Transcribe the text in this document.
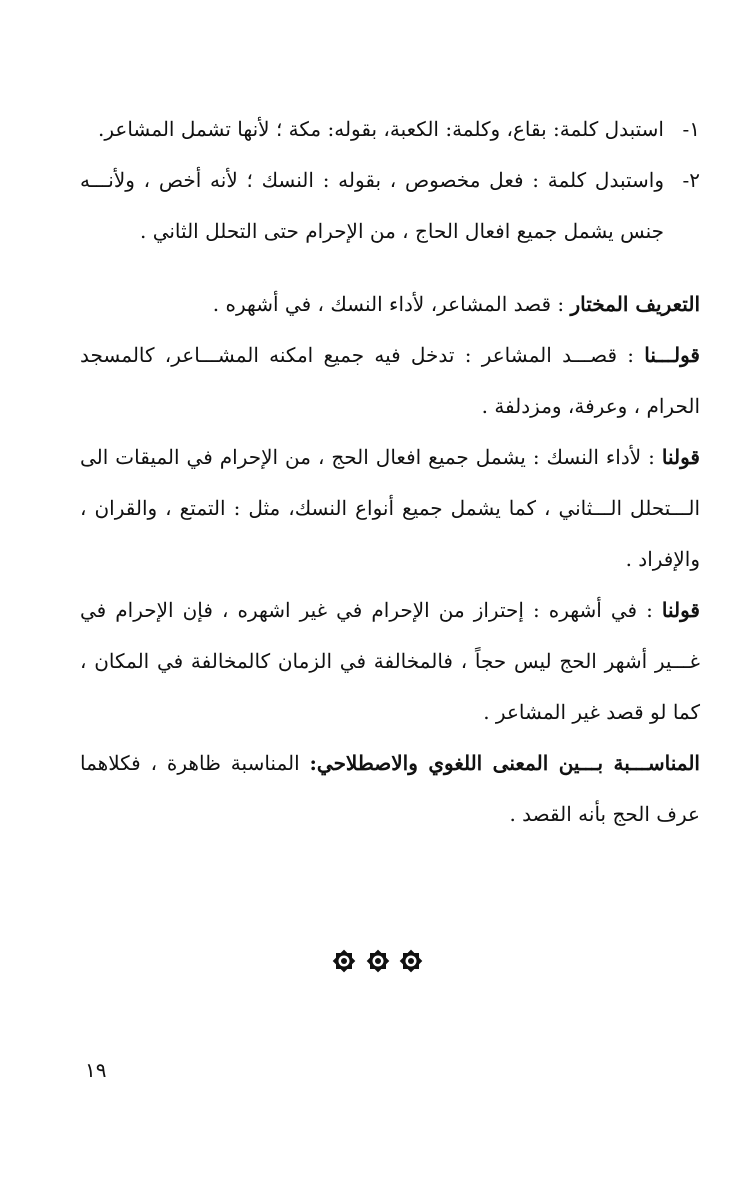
١-استبدل كلمة: بقاع، وكلمة: الكعبة، بقوله: مكة ؛ لأنها تشمل المشاعر.

٢-واستبدل كلمة : فعل مخصوص ، بقوله : النسك ؛ لأنه أخص ، ولأنـــه جنس يشمل جميع افعال الحاج ، من الإحرام حتى التحلل الثاني .

التعريف المختار : قصد المشاعر، لأداء النسك ، في أشهره .

قولـــنا : قصـــد المشاعر : تدخل فيه جميع امكنه المشـــاعر، كالمسجد الحرام ، وعرفة، ومزدلفة .

قولنا : لأداء النسك : يشمل جميع افعال الحج ، من الإحرام في الميقات الى الـــتحلل الـــثاني ، كما يشمل جميع أنواع النسك، مثل : التمتع ، والقران ، والإفراد .

قولنا : في أشهره : إحتراز من الإحرام في غير اشهره ، فإن الإحرام في غـــير أشهر الحج ليس حجاً ، فالمخالفة في الزمان كالمخالفة في المكان ، كما لو قصد غير المشاعر .

المناســـبة بـــين المعنى اللغوي والاصطلاحي: المناسبة ظاهرة ، فكلاهما عرف الحج بأنه القصد .

١٩
